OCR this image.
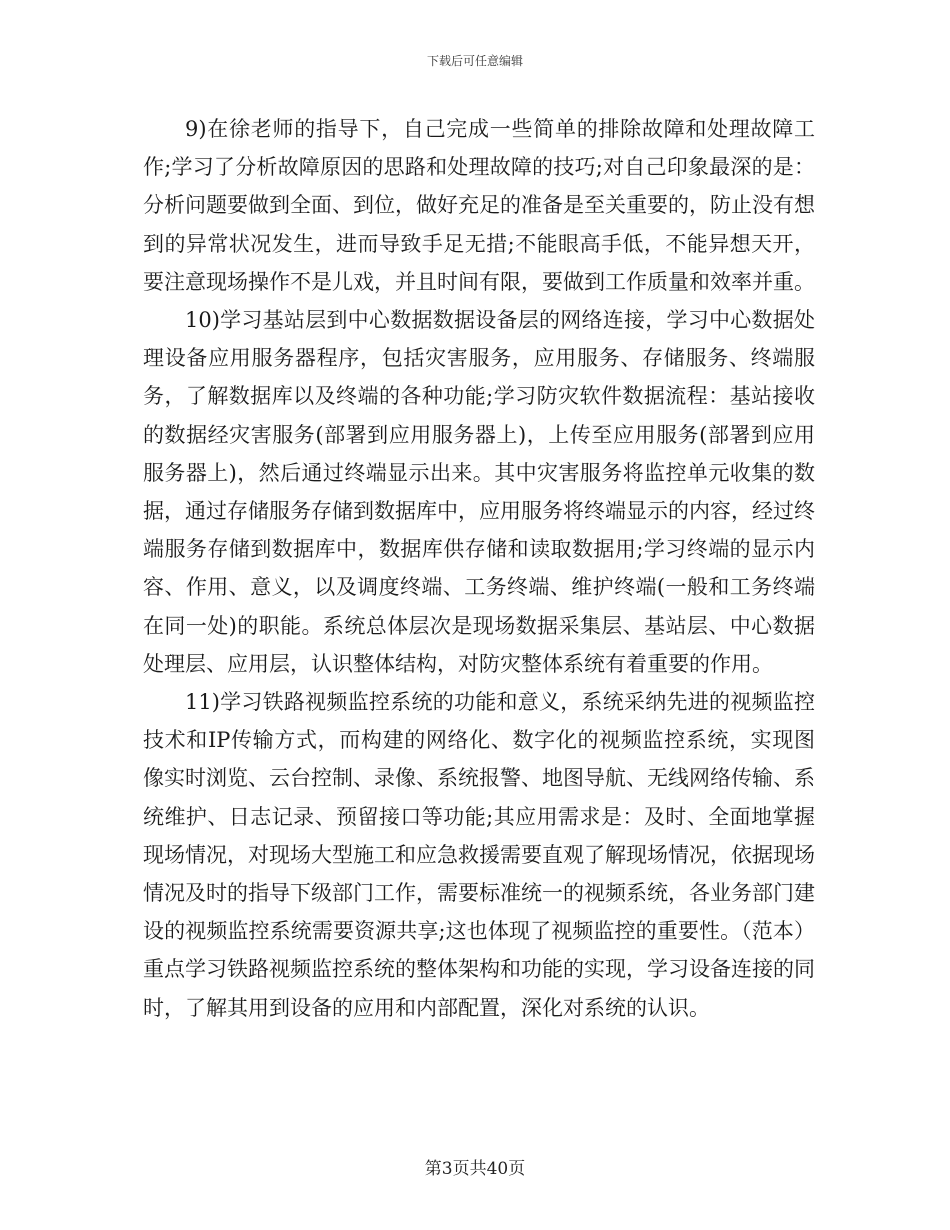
下载后可任意编辑

9)在徐老师的指导下，自己完成一些简单的排除故障和处理故障工作;学习了分析故障原因的思路和处理故障的技巧;对自己印象最深的是：分析问题要做到全面、到位，做好充足的准备是至关重要的，防止没有想到的异常状况发生，进而导致手足无措;不能眼高手低，不能异想天开，要注意现场操作不是儿戏，并且时间有限，要做到工作质量和效率并重。

10)学习基站层到中心数据数据设备层的网络连接，学习中心数据处理设备应用服务器程序，包括灾害服务，应用服务、存储服务、终端服务，了解数据库以及终端的各种功能;学习防灾软件数据流程：基站接收的数据经灾害服务(部署到应用服务器上)，上传至应用服务(部署到应用服务器上)，然后通过终端显示出来。其中灾害服务将监控单元收集的数据，通过存储服务存储到数据库中，应用服务将终端显示的内容，经过终端服务存储到数据库中，数据库供存储和读取数据用;学习终端的显示内容、作用、意义，以及调度终端、工务终端、维护终端(一般和工务终端在同一处)的职能。系统总体层次是现场数据采集层、基站层、中心数据处理层、应用层，认识整体结构，对防灾整体系统有着重要的作用。

11)学习铁路视频监控系统的功能和意义，系统采纳先进的视频监控技术和IP传输方式，而构建的网络化、数字化的视频监控系统，实现图像实时浏览、云台控制、录像、系统报警、地图导航、无线网络传输、系统维护、日志记录、预留接口等功能;其应用需求是：及时、全面地掌握现场情况，对现场大型施工和应急救援需要直观了解现场情况，依据现场情况及时的指导下级部门工作，需要标准统一的视频系统，各业务部门建设的视频监控系统需要资源共享;这也体现了视频监控的重要性。（范本）重点学习铁路视频监控系统的整体架构和功能的实现，学习设备连接的同时，了解其用到设备的应用和内部配置，深化对系统的认识。

第3页共40页
